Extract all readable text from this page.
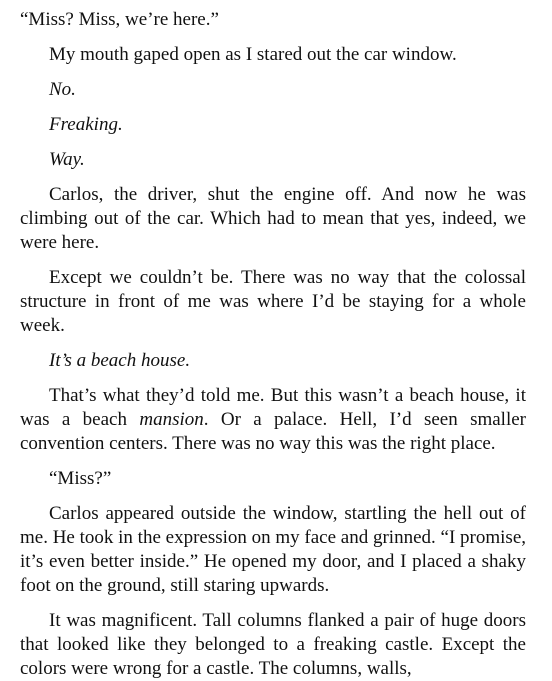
“Miss? Miss, we’re here.”

My mouth gaped open as I stared out the car window.

No.

Freaking.

Way.

Carlos, the driver, shut the engine off. And now he was climbing out of the car. Which had to mean that yes, indeed, we were here.

Except we couldn’t be. There was no way that the colossal structure in front of me was where I’d be staying for a whole week.

It’s a beach house.

That’s what they’d told me. But this wasn’t a beach house, it was a beach mansion. Or a palace. Hell, I’d seen smaller convention centers. There was no way this was the right place.

“Miss?”

Carlos appeared outside the window, startling the hell out of me. He took in the expression on my face and grinned. “I promise, it’s even better inside.” He opened my door, and I placed a shaky foot on the ground, still staring upwards.

It was magnificent. Tall columns flanked a pair of huge doors that looked like they belonged to a freaking castle. Except the colors were wrong for a castle. The columns, walls,
